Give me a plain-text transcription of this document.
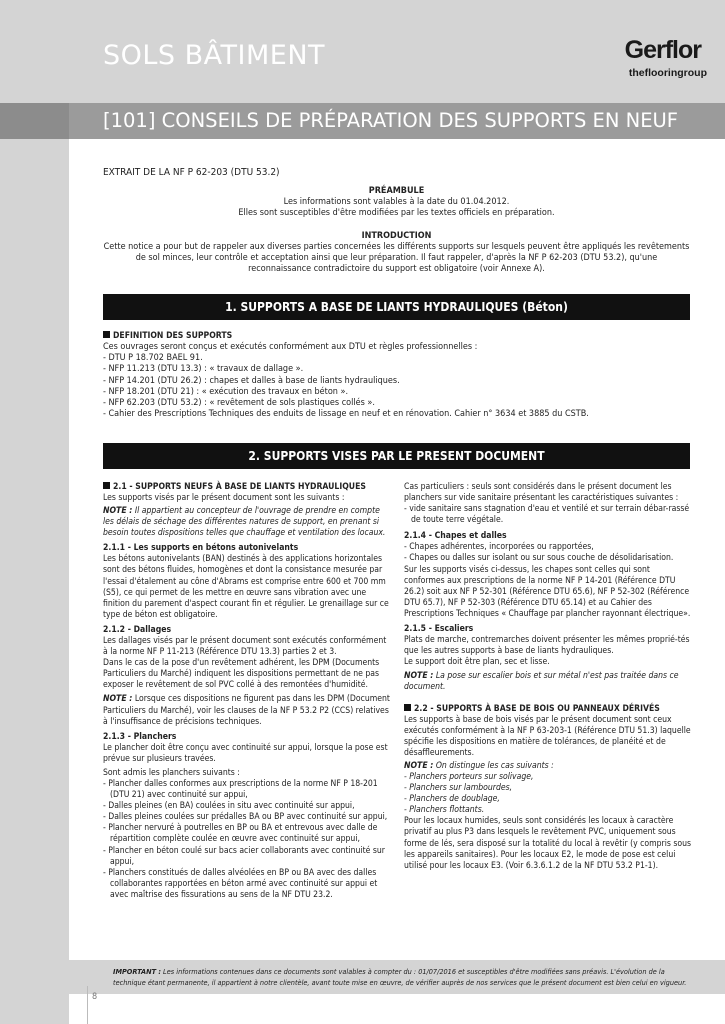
SOLS BÂTIMENT	Gerflor
theflooringroup
[101] CONSEILS DE PRÉPARATION DES SUPPORTS EN NEUF
EXTRAIT DE LA NF P 62-203 (DTU 53.2)

PRÉAMBULE

Les informations sont valables à la date du 01.04.2012.

Elles sont susceptibles d'être modifiées par les textes officiels en préparation.

INTRODUCTION

Cette notice a pour but de rappeler aux diverses parties concernées les différents supports sur lesquels peuvent être appliqués les revêtements de sol minces, leur contrôle et acceptation ainsi que leur préparation. Il faut rappeler, d'après la NF P 62-203 (DTU 53.2), qu'une reconnaissance contradictoire du support est obligatoire (voir Annexe A).

1. SUPPORTS A BASE DE LIANTS HYDRAULIQUES (Béton)
DEFINITION DES SUPPORTS

Ces ouvrages seront conçus et exécutés conformément aux DTU et règles professionnelles :

- DTU P 18.702 BAEL 91.

- NFP 11.213 (DTU 13.3) : « travaux de dallage ».

- NFP 14.201 (DTU 26.2) : chapes et dalles à base de liants hydrauliques.

- NFP 18.201 (DTU 21) : « exécution des travaux en béton ».

- NFP 62.203 (DTU 53.2) : « revêtement de sols plastiques collés ».

- Cahier des Prescriptions Techniques des enduits de lissage en neuf et en rénovation. Cahier n° 3634 et 3885 du CSTB.

2. SUPPORTS VISES PAR LE PRESENT DOCUMENT
2.1 - SUPPORTS NEUFS À BASE DE LIANTS HYDRAULIQUES

Les supports visés par le présent document sont les suivants :

NOTE : Il appartient au concepteur de l'ouvrage de prendre en compte les délais de séchage des différentes natures de support, en prenant si besoin toutes dispositions telles que chauffage et ventilation des locaux.

2.1.1 - Les supports en bétons autonivelants

Les bétons autonivelants (BAN) destinés à des applications horizontales sont des bétons fluides, homogènes et dont la consistance mesurée par l'essai d'étalement au cône d'Abrams est comprise entre 600 et 700 mm (S5), ce qui permet de les mettre en œuvre sans vibration avec une finition du parement d'aspect courant fin et régulier. Le grenaillage sur ce type de béton est obligatoire.

2.1.2 - Dallages

Les dallages visés par le présent document sont exécutés conformément à la norme NF P 11-213 (Référence DTU 13.3) parties 2 et 3.

Dans le cas de la pose d'un revêtement adhérent, les DPM (Documents Particuliers du Marché) indiquent les dispositions permettant de ne pas exposer le revêtement de sol PVC collé à des remontées d'humidité.

NOTE : Lorsque ces dispositions ne figurent pas dans les DPM (Document Particuliers du Marché), voir les clauses de la NF P 53.2 P2 (CCS) relatives à l'insuffisance de précisions techniques.

2.1.3 - Planchers

Le plancher doit être conçu avec continuité sur appui, lorsque la pose est prévue sur plusieurs travées.

Sont admis les planchers suivants :

- Plancher dalles conformes aux prescriptions de la norme NF P 18-201 (DTU 21) avec continuité sur appui,

- Dalles pleines (en BA) coulées in situ avec continuité sur appui,

- Dalles pleines coulées sur prédalles BA ou BP avec continuité sur appui,

- Plancher nervuré à poutrelles en BP ou BA et entrevous avec dalle de répartition complète coulée en œuvre avec continuité sur appui,

- Plancher en béton coulé sur bacs acier collaborants avec continuité sur appui,

- Planchers constitués de dalles alvéolées en BP ou BA avec des dalles collaborantes rapportées en béton armé avec continuité sur appui et avec maîtrise des fissurations au sens de la NF DTU 23.2.

Cas particuliers : seuls sont considérés dans le présent document les planchers sur vide sanitaire présentant les caractéristiques suivantes :

- vide sanitaire sans stagnation d'eau et ventilé et sur terrain débar-rassé de toute terre végétale.

2.1.4 - Chapes et dalles

- Chapes adhérentes, incorporées ou rapportées,

- Chapes ou dalles sur isolant ou sur sous couche de désolidarisation.

Sur les supports visés ci-dessus, les chapes sont celles qui sont conformes aux prescriptions de la norme NF P 14-201 (Référence DTU 26.2) soit aux NF P 52-301 (Référence DTU 65.6), NF P 52-302 (Référence DTU 65.7), NF P 52-303 (Référence DTU 65.14) et au Cahier des Prescriptions Techniques « Chauffage par plancher rayonnant électrique».

2.1.5 - Escaliers

Plats de marche, contremarches doivent présenter les mêmes proprié-tés que les autres supports à base de liants hydrauliques.

Le support doit être plan, sec et lisse.

NOTE : La pose sur escalier bois et sur métal n'est pas traitée dans ce document.

2.2 - SUPPORTS À BASE DE BOIS OU PANNEAUX DÉRIVÉS

Les supports à base de bois visés par le présent document sont ceux exécutés conformément à la NF P 63-203-1 (Référence DTU 51.3) laquelle spécifie les dispositions en matière de tolérances, de planéité et de désaffleurements.

NOTE : On distingue les cas suivants :

- Planchers porteurs sur solivage,

- Planchers sur lambourdes,

- Planchers de doublage,

- Planchers flottants.

Pour les locaux humides, seuls sont considérés les locaux à caractère privatif au plus P3 dans lesquels le revêtement PVC, uniquement sous forme de lés, sera disposé sur la totalité du local à revêtir (y compris sous les appareils sanitaires). Pour les locaux E2, le mode de pose est celui utilisé pour les locaux E3. (Voir 6.3.6.1.2 de la NF DTU 53.2 P1-1).

IMPORTANT : Les informations contenues dans ce documents sont valables à compter du : 01/07/2016 et susceptibles d'être modifiées sans préavis. L'évolution de la technique étant permanente, il appartient à notre clientèle, avant toute mise en œuvre, de vérifier auprès de nos services que le présent document est bien celui en vigueur.
8
